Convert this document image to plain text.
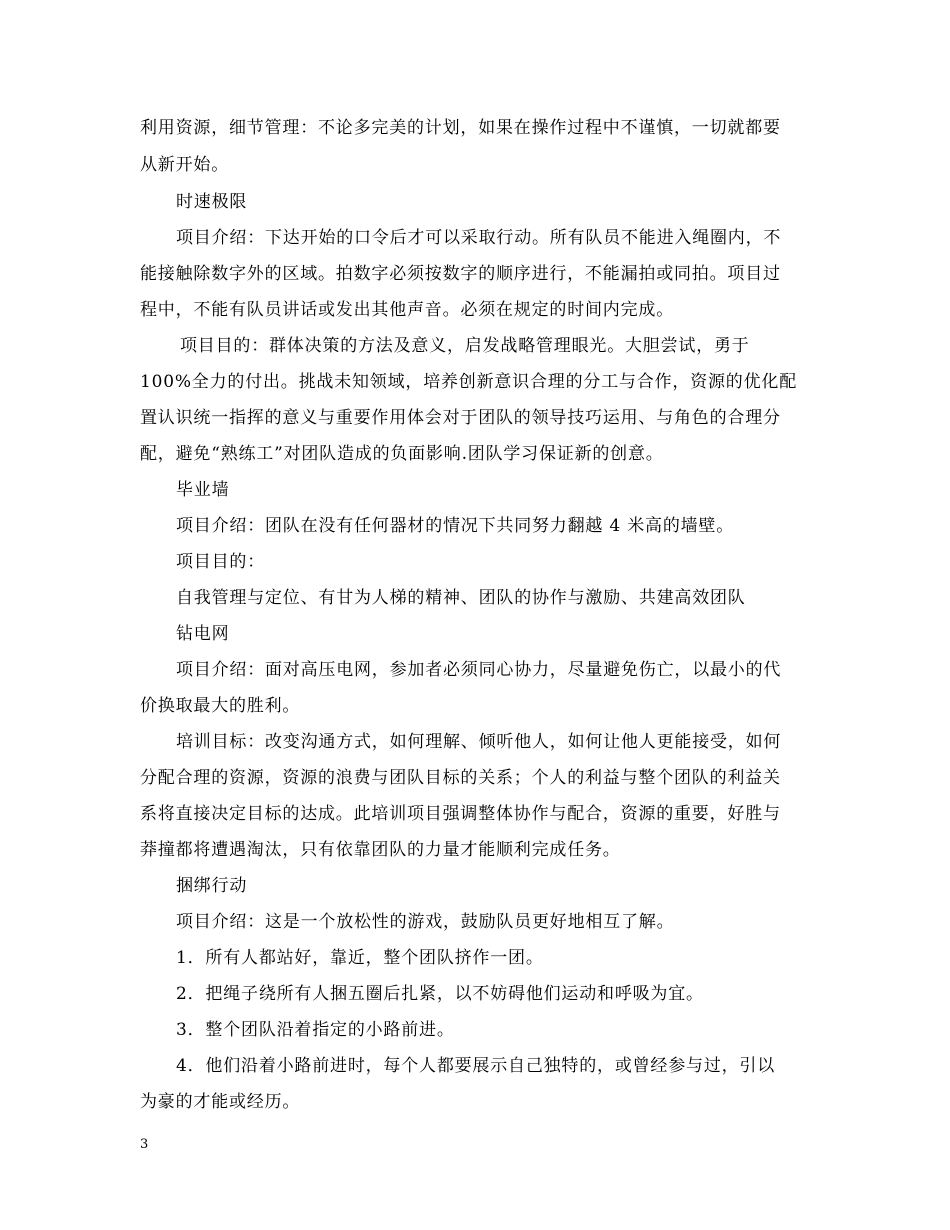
利用资源，细节管理：不论多完美的计划，如果在操作过程中不谨慎，一切就都要
从新开始。
时速极限
项目介绍：下达开始的口令后才可以采取行动。所有队员不能进入绳圈内，不
能接触除数字外的区域。拍数字必须按数字的顺序进行，不能漏拍或同拍。项目过
程中，不能有队员讲话或发出其他声音。必须在规定的时间内完成。
项目目的：群体决策的方法及意义，启发战略管理眼光。大胆尝试，勇于
100%全力的付出。挑战未知领域，培养创新意识合理的分工与合作，资源的优化配
置认识统一指挥的意义与重要作用体会对于团队的领导技巧运用、与角色的合理分
配，避免“熟练工”对团队造成的负面影响.团队学习保证新的创意。
毕业墙
项目介绍：团队在没有任何器材的情况下共同努力翻越 4 米高的墙壁。
项目目的：
自我管理与定位、有甘为人梯的精神、团队的协作与激励、共建高效团队
钻电网
项目介绍：面对高压电网，参加者必须同心协力，尽量避免伤亡，以最小的代
价换取最大的胜利。
培训目标：改变沟通方式，如何理解、倾听他人，如何让他人更能接受，如何
分配合理的资源，资源的浪费与团队目标的关系；个人的利益与整个团队的利益关
系将直接决定目标的达成。此培训项目强调整体协作与配合，资源的重要，好胜与
莽撞都将遭遇淘汰，只有依靠团队的力量才能顺利完成任务。
捆绑行动
项目介绍：这是一个放松性的游戏，鼓励队员更好地相互了解。
1．所有人都站好，靠近，整个团队挤作一团。
2．把绳子绕所有人捆五圈后扎紧，以不妨碍他们运动和呼吸为宜。
3．整个团队沿着指定的小路前进。
4．他们沿着小路前进时，每个人都要展示自己独特的，或曾经参与过，引以
为豪的才能或经历。
3
